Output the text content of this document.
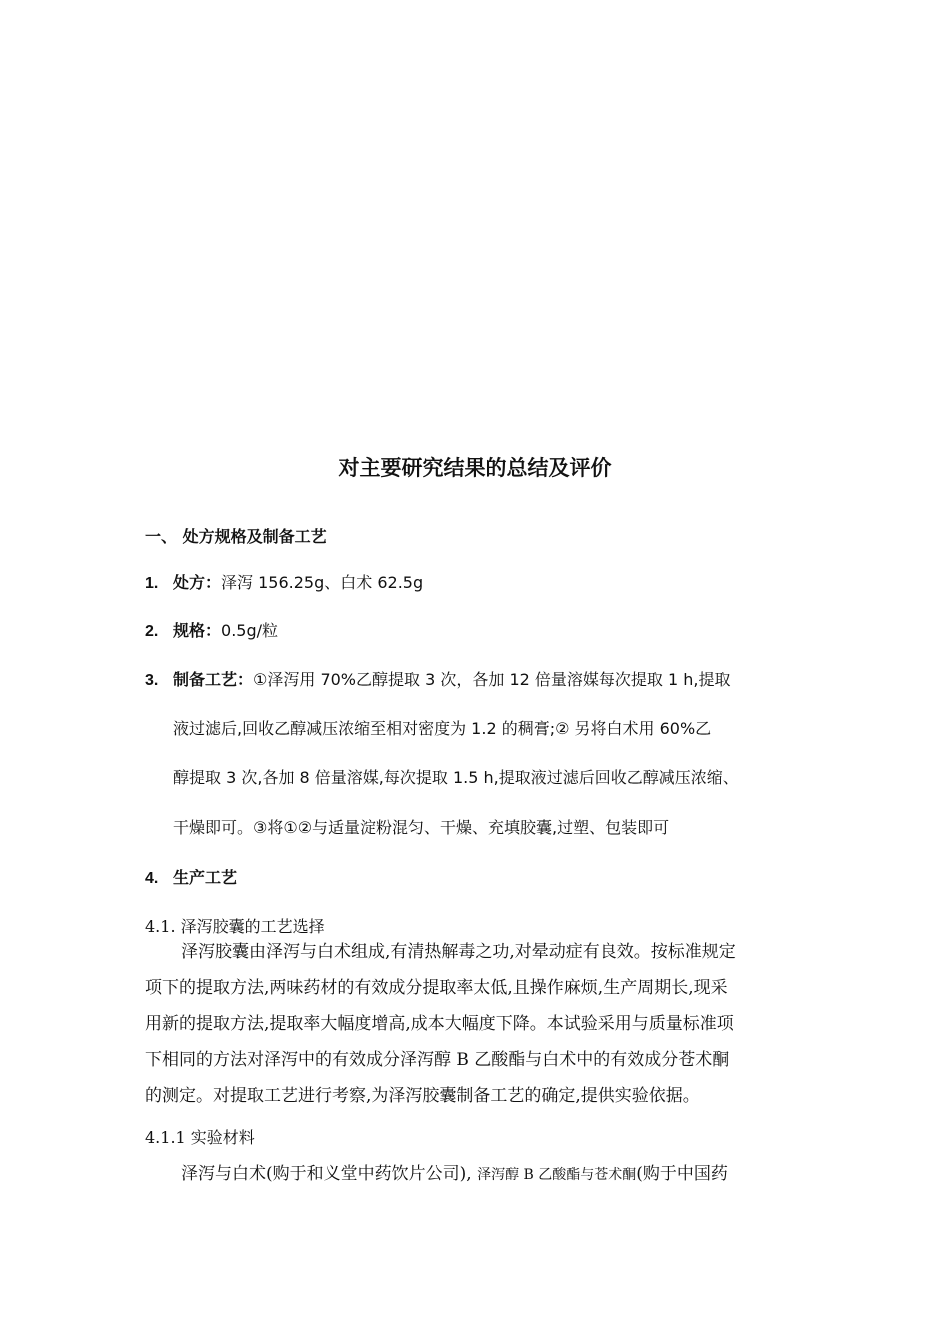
对主要研究结果的总结及评价
一、 处方规格及制备工艺
1. 处方：泽泻 156.25g、白术 62.5g
2. 规格：0.5g/粒
3. 制备工艺：①泽泻用 70%乙醇提取 3 次，各加 12 倍量溶媒每次提取 1 h,提取
液过滤后,回收乙醇减压浓缩至相对密度为 1.2 的稠膏;② 另将白术用 60%乙
醇提取 3 次,各加 8 倍量溶媒,每次提取 1.5 h,提取液过滤后回收乙醇减压浓缩、
干燥即可。③将①②与适量淀粉混匀、干燥、充填胶囊,过塑、包装即可
4. 生产工艺
4.1. 泽泻胶囊的工艺选择
泽泻胶囊由泽泻与白术组成,有清热解毒之功,对晕动症有良效。按标准规定
项下的提取方法,两味药材的有效成分提取率太低,且操作麻烦,生产周期长,现采
用新的提取方法,提取率大幅度增高,成本大幅度下降。本试验采用与质量标准项
下相同的方法对泽泻中的有效成分泽泻醇 B 乙酸酯与白术中的有效成分苍术酮
的测定。对提取工艺进行考察,为泽泻胶囊制备工艺的确定,提供实验依据。
4.1.1 实验材料
泽泻与白术(购于和义堂中药饮片公司), 泽泻醇 B 乙酸酯与苍术酮(购于中国药
